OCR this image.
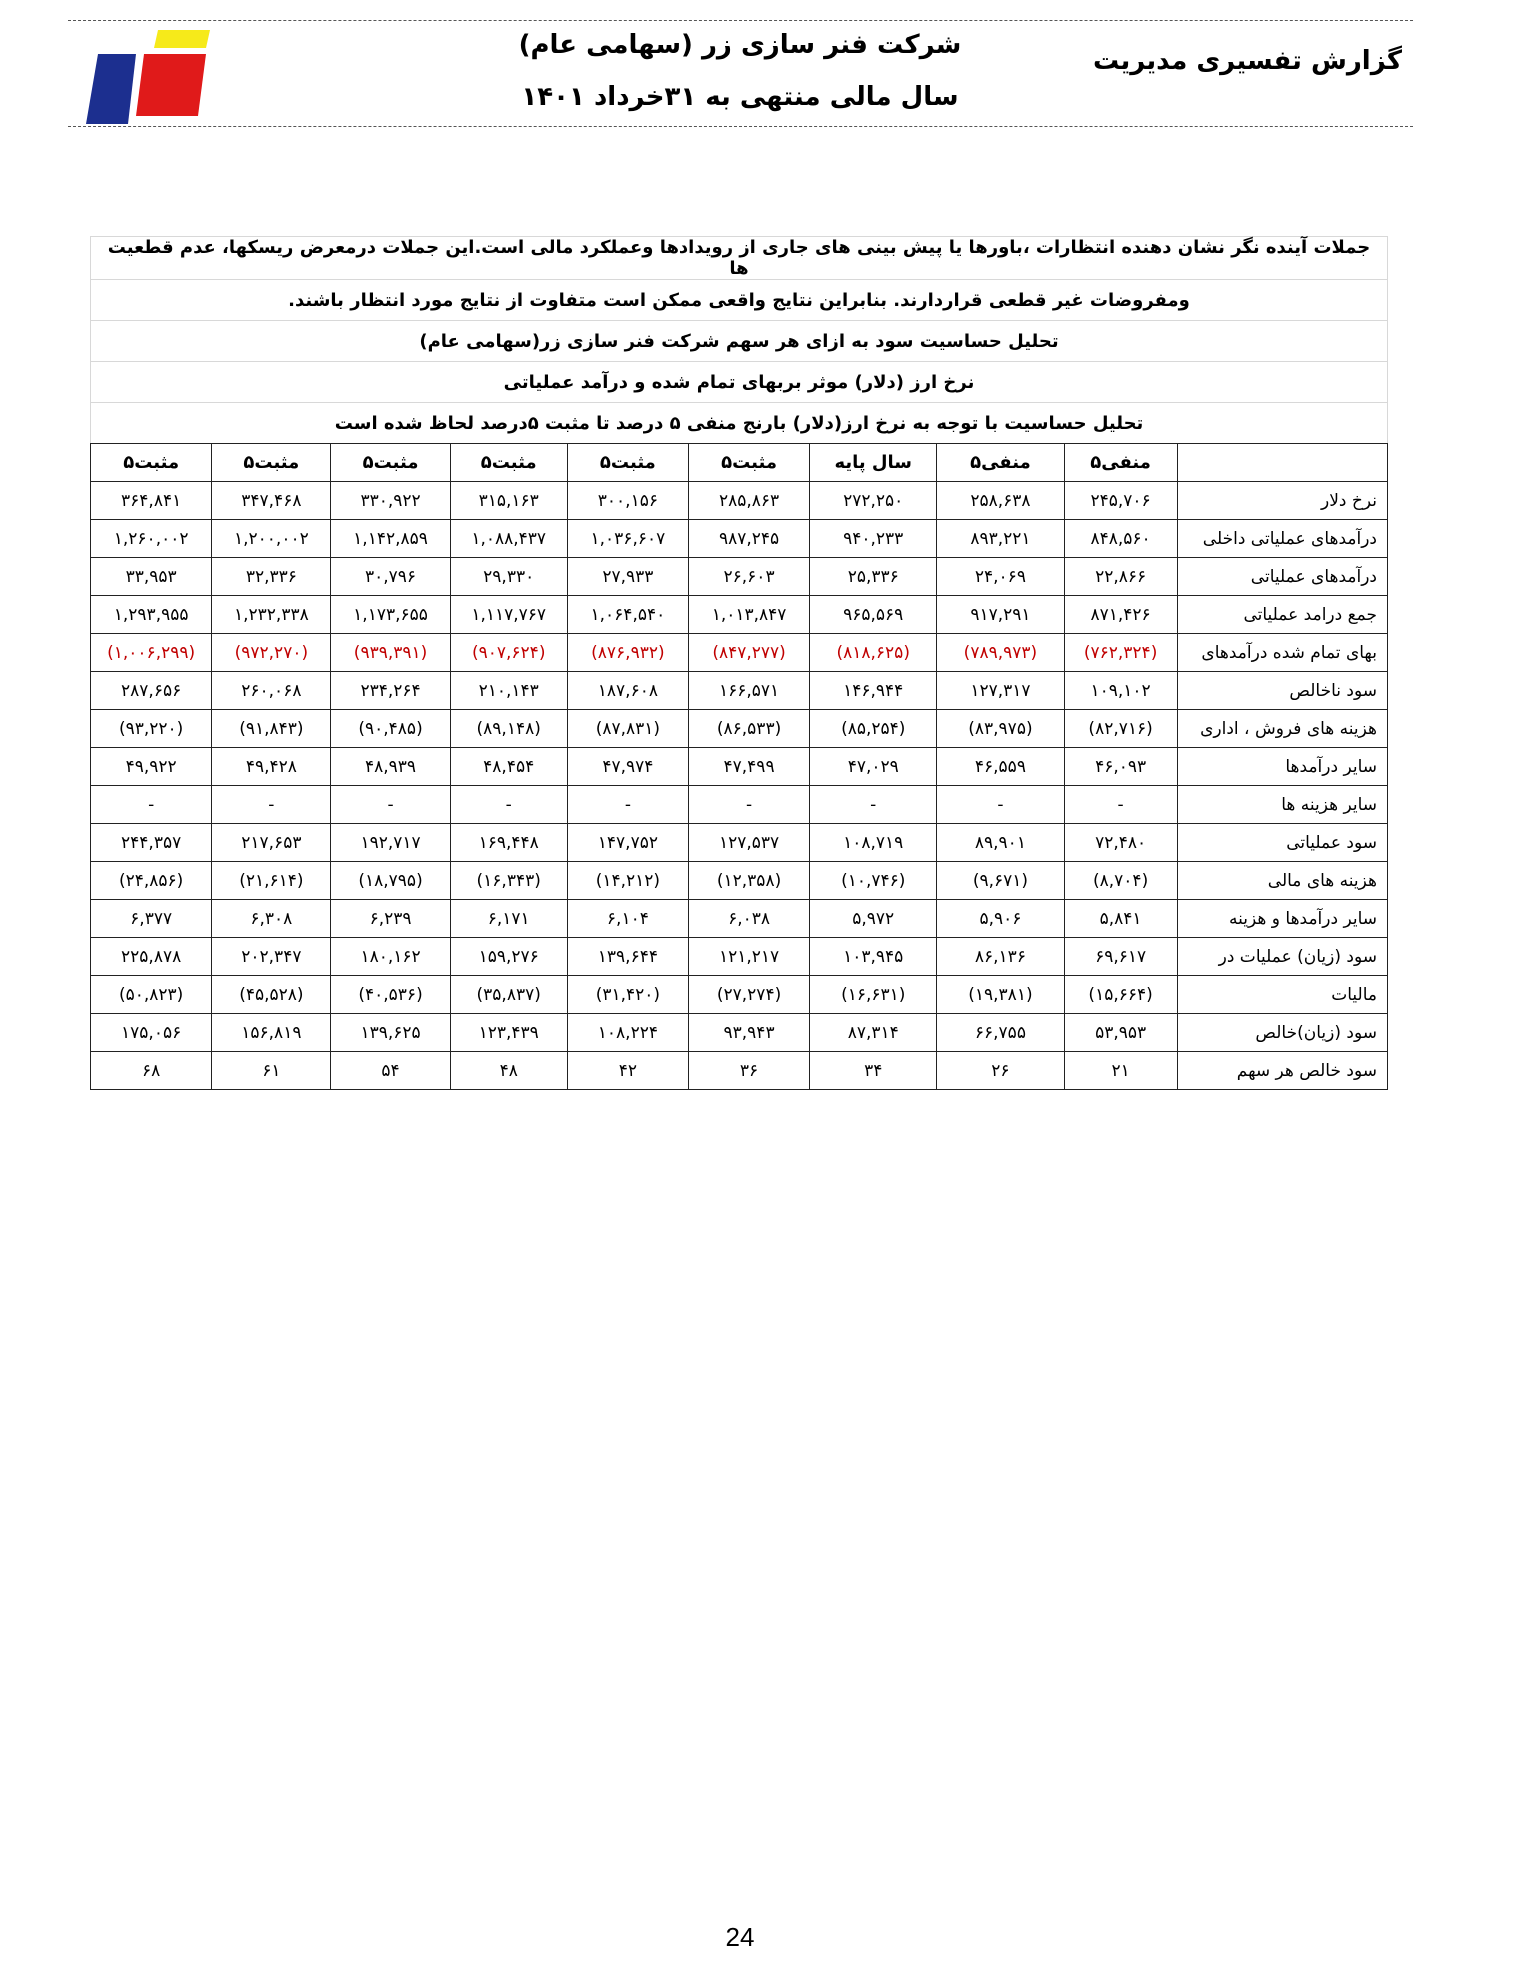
شرکت فنر سازی زر (سهامی عام)
سال مالی منتهی به ۳۱خرداد ۱۴۰۱
گزارش تفسیری مدیریت
جملات آینده نگر نشان دهنده انتظارات ،باورها یا پیش بینی های جاری از رویدادها وعملکرد مالی است.این جملات درمعرض ریسکها، عدم قطعیت ها
ومفروضات غیر قطعی قراردارند. بنابراین نتایج واقعی ممکن است متفاوت از نتایج مورد انتظار باشند.
تحلیل حساسیت سود به ازای هر سهم شرکت فنر سازی زر(سهامی عام)
نرخ ارز (دلار) موثر بربهای تمام شده و درآمد عملیاتی
تحلیل حساسیت با توجه به نرخ ارز(دلار) بارنج منفی ۵ درصد تا مثبت ۵درصد لحاظ شده است
	منفی۵	منفی۵	سال پایه	مثبت۵	مثبت۵	مثبت۵	مثبت۵	مثبت۵	مثبت۵
نرخ دلار	۲۴۵,۷۰۶	۲۵۸,۶۳۸	۲۷۲,۲۵۰	۲۸۵,۸۶۳	۳۰۰,۱۵۶	۳۱۵,۱۶۳	۳۳۰,۹۲۲	۳۴۷,۴۶۸	۳۶۴,۸۴۱
درآمدهای عملیاتی داخلی	۸۴۸,۵۶۰	۸۹۳,۲۲۱	۹۴۰,۲۳۳	۹۸۷,۲۴۵	۱,۰۳۶,۶۰۷	۱,۰۸۸,۴۳۷	۱,۱۴۲,۸۵۹	۱,۲۰۰,۰۰۲	۱,۲۶۰,۰۰۲
درآمدهای عملیاتی	۲۲,۸۶۶	۲۴,۰۶۹	۲۵,۳۳۶	۲۶,۶۰۳	۲۷,۹۳۳	۲۹,۳۳۰	۳۰,۷۹۶	۳۲,۳۳۶	۳۳,۹۵۳
جمع درامد عملیاتی	۸۷۱,۴۲۶	۹۱۷,۲۹۱	۹۶۵,۵۶۹	۱,۰۱۳,۸۴۷	۱,۰۶۴,۵۴۰	۱,۱۱۷,۷۶۷	۱,۱۷۳,۶۵۵	۱,۲۳۲,۳۳۸	۱,۲۹۳,۹۵۵
بهای تمام شده درآمدهای	(۷۶۲,۳۲۴)	(۷۸۹,۹۷۳)	(۸۱۸,۶۲۵)	(۸۴۷,۲۷۷)	(۸۷۶,۹۳۲)	(۹۰۷,۶۲۴)	(۹۳۹,۳۹۱)	(۹۷۲,۲۷۰)	(۱,۰۰۶,۲۹۹)
سود ناخالص	۱۰۹,۱۰۲	۱۲۷,۳۱۷	۱۴۶,۹۴۴	۱۶۶,۵۷۱	۱۸۷,۶۰۸	۲۱۰,۱۴۳	۲۳۴,۲۶۴	۲۶۰,۰۶۸	۲۸۷,۶۵۶
هزینه های فروش ، اداری	(۸۲,۷۱۶)	(۸۳,۹۷۵)	(۸۵,۲۵۴)	(۸۶,۵۳۳)	(۸۷,۸۳۱)	(۸۹,۱۴۸)	(۹۰,۴۸۵)	(۹۱,۸۴۳)	(۹۳,۲۲۰)
سایر درآمدها	۴۶,۰۹۳	۴۶,۵۵۹	۴۷,۰۲۹	۴۷,۴۹۹	۴۷,۹۷۴	۴۸,۴۵۴	۴۸,۹۳۹	۴۹,۴۲۸	۴۹,۹۲۲
سایر هزینه ها	-	-	-	-	-	-	-	-	-
سود عملیاتی	۷۲,۴۸۰	۸۹,۹۰۱	۱۰۸,۷۱۹	۱۲۷,۵۳۷	۱۴۷,۷۵۲	۱۶۹,۴۴۸	۱۹۲,۷۱۷	۲۱۷,۶۵۳	۲۴۴,۳۵۷
هزینه های مالی	(۸,۷۰۴)	(۹,۶۷۱)	(۱۰,۷۴۶)	(۱۲,۳۵۸)	(۱۴,۲۱۲)	(۱۶,۳۴۳)	(۱۸,۷۹۵)	(۲۱,۶۱۴)	(۲۴,۸۵۶)
سایر درآمدها و هزینه	۵,۸۴۱	۵,۹۰۶	۵,۹۷۲	۶,۰۳۸	۶,۱۰۴	۶,۱۷۱	۶,۲۳۹	۶,۳۰۸	۶,۳۷۷
سود (زیان) عملیات در	۶۹,۶۱۷	۸۶,۱۳۶	۱۰۳,۹۴۵	۱۲۱,۲۱۷	۱۳۹,۶۴۴	۱۵۹,۲۷۶	۱۸۰,۱۶۲	۲۰۲,۳۴۷	۲۲۵,۸۷۸
مالیات	(۱۵,۶۶۴)	(۱۹,۳۸۱)	(۱۶,۶۳۱)	(۲۷,۲۷۴)	(۳۱,۴۲۰)	(۳۵,۸۳۷)	(۴۰,۵۳۶)	(۴۵,۵۲۸)	(۵۰,۸۲۳)
سود (زیان)خالص	۵۳,۹۵۳	۶۶,۷۵۵	۸۷,۳۱۴	۹۳,۹۴۳	۱۰۸,۲۲۴	۱۲۳,۴۳۹	۱۳۹,۶۲۵	۱۵۶,۸۱۹	۱۷۵,۰۵۶
سود خالص هر سهم	۲۱	۲۶	۳۴	۳۶	۴۲	۴۸	۵۴	۶۱	۶۸
24
